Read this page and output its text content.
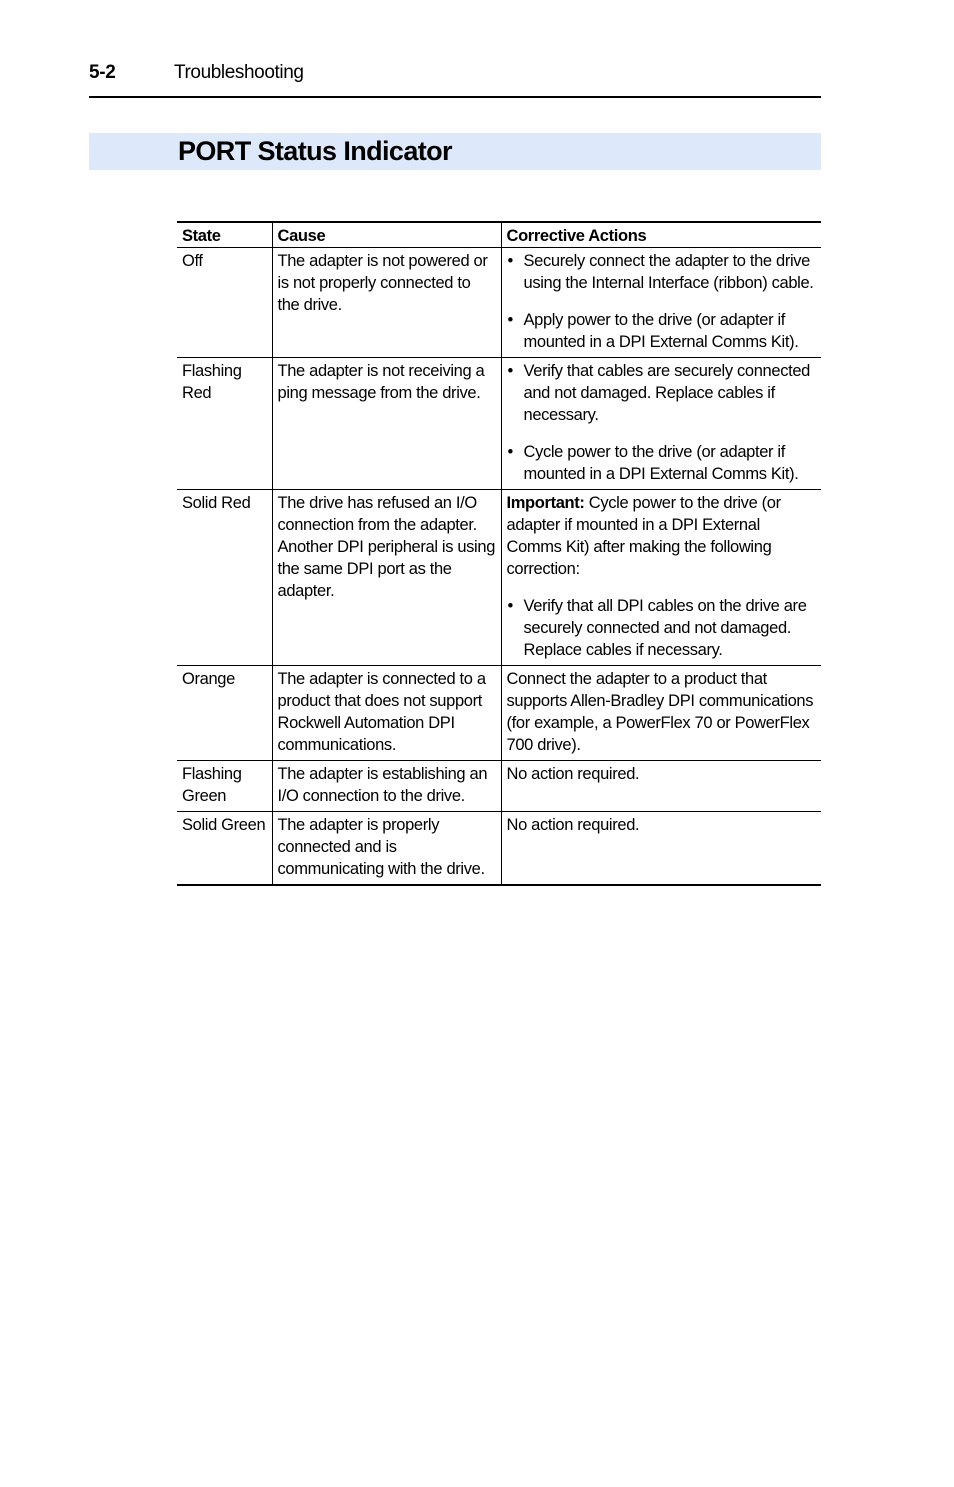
5-2	Troubleshooting
PORT Status Indicator
State	Cause	Corrective Actions
Off	The adapter is not powered or is not properly connected to the drive.	• Securely connect the adapter to the drive using the Internal Interface (ribbon) cable.

• Apply power to the drive (or adapter if mounted in a DPI External Comms Kit).

Flashing Red	The adapter is not receiving a ping message from the drive.	• Verify that cables are securely connected and not damaged. Replace cables if necessary.

• Cycle power to the drive (or adapter if mounted in a DPI External Comms Kit).

Solid Red	The drive has refused an I/O connection from the adapter. Another DPI peripheral is using the same DPI port as the adapter.	Important: Cycle power to the drive (or adapter if mounted in a DPI External Comms Kit) after making the following correction:

• Verify that all DPI cables on the drive are securely connected and not damaged. Replace cables if necessary.

Orange	The adapter is connected to a product that does not support Rockwell Automation DPI communications.	Connect the adapter to a product that supports Allen-Bradley DPI communications (for example, a PowerFlex 70 or PowerFlex 700 drive).
Flashing Green	The adapter is establishing an I/O connection to the drive.	No action required.
Solid Green	The adapter is properly connected and is communicating with the drive.	No action required.
